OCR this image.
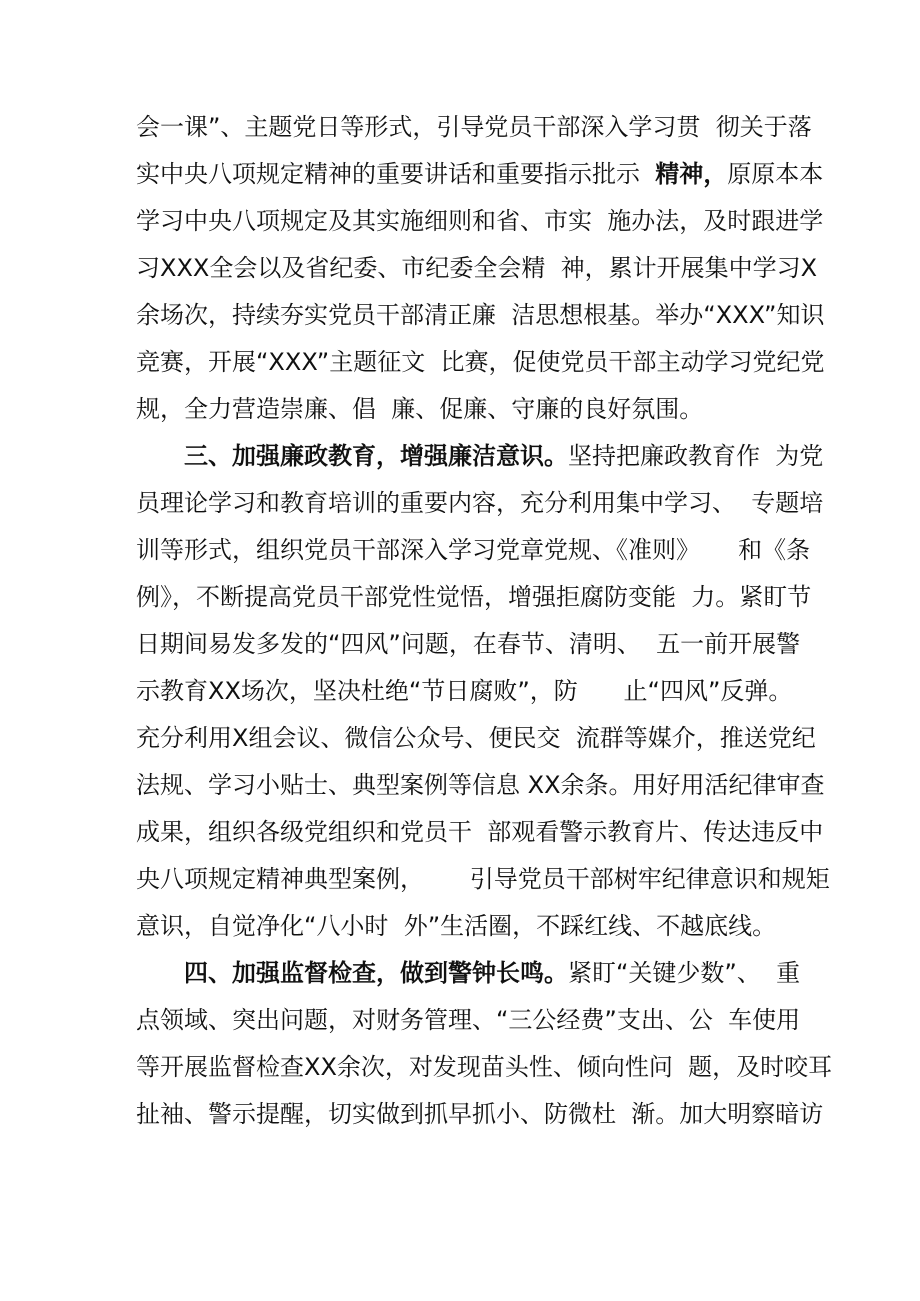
会一课”、主题党日等形式，引导党员干部深入学习贯  彻关于落
实中央八项规定精神的重要讲话和重要指示批示  精神，原原本本
学习中央八项规定及其实施细则和省、市实  施办法，及时跟进学
习XXX全会以及省纪委、市纪委全会精  神，累计开展集中学习X
余场次，持续夯实党员干部清正廉  洁思想根基。举办“XXX”知识
竞赛，开展“XXX”主题征文  比赛，促使党员干部主动学习党纪党
规，全力营造崇廉、倡  廉、促廉、守廉的良好氛围。
三、加强廉政教育，增强廉洁意识。坚持把廉政教育作  为党
员理论学习和教育培训的重要内容，充分利用集中学习、  专题培
训等形式，组织党员干部深入学习党章党规、《准则》     和《条
例》，不断提高党员干部党性觉悟，增强拒腐防变能  力。紧盯节
日期间易发多发的“四风”问题，在春节、清明、  五一前开展警
示教育XX场次，坚决杜绝“节日腐败”，防      止“四风”反弹。
充分利用X组会议、微信公众号、便民交  流群等媒介，推送党纪
法规、学习小贴士、典型案例等信息 XX余条。用好用活纪律审查
成果，组织各级党组织和党员干  部观看警示教育片、传达违反中
央八项规定精神典型案例，      引导党员干部树牢纪律意识和规矩
意识，自觉净化“八小时  外”生活圈，不踩红线、不越底线。
四、加强监督检查，做到警钟长鸣。紧盯“关键少数”、  重
点领域、突出问题，对财务管理、“三公经费”支出、公  车使用
等开展监督检查XX余次，对发现苗头性、倾向性问  题，及时咬耳
扯袖、警示提醒，切实做到抓早抓小、防微杜  渐。加大明察暗访
